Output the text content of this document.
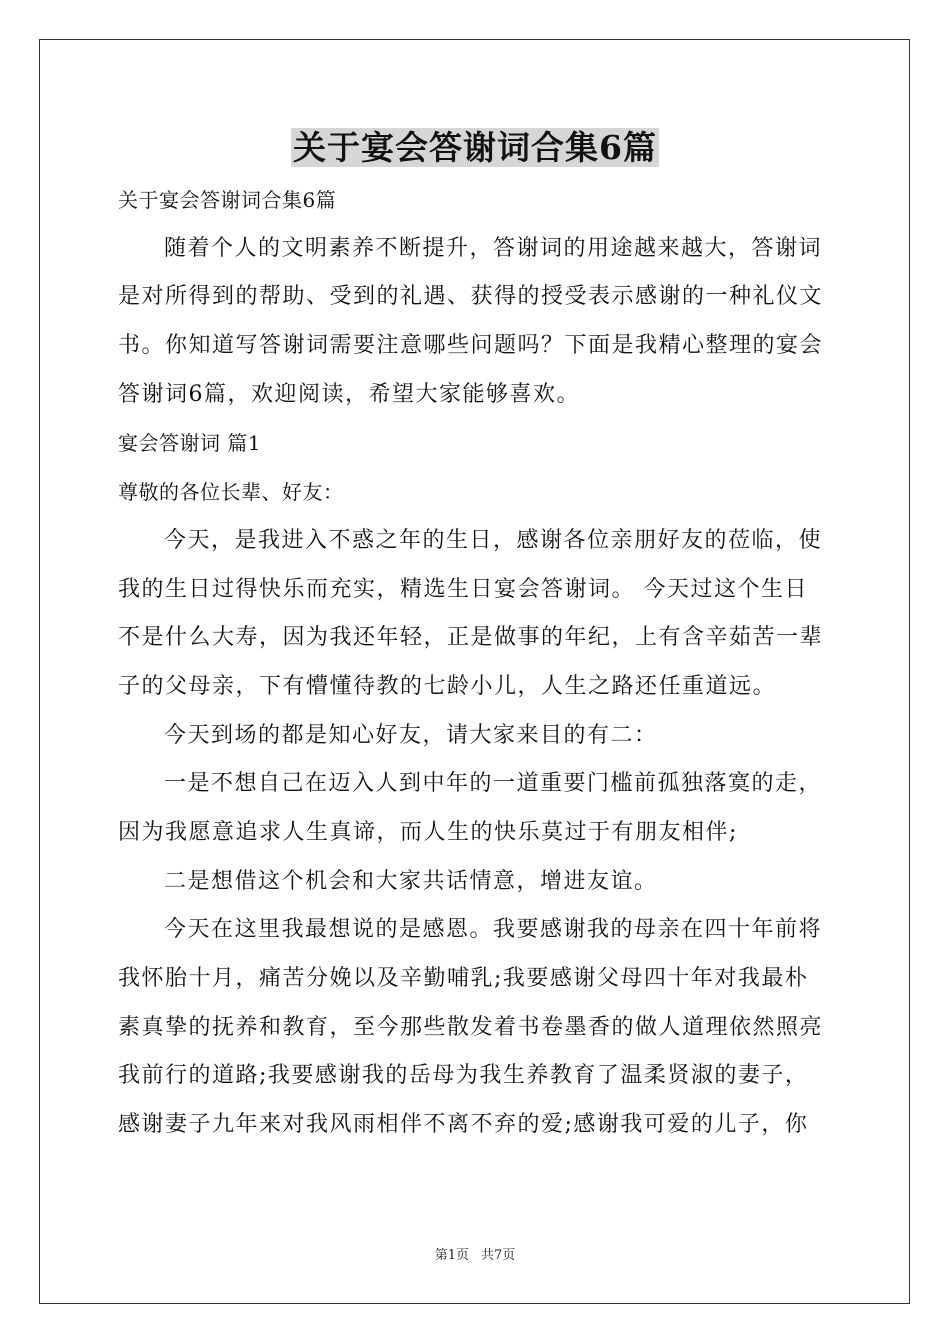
关于宴会答谢词合集6篇
关于宴会答谢词合集6篇
随着个人的文明素养不断提升，答谢词的用途越来越大，答谢词
是对所得到的帮助、受到的礼遇、获得的授受表示感谢的一种礼仪文
书。你知道写答谢词需要注意哪些问题吗？下面是我精心整理的宴会
答谢词6篇，欢迎阅读，希望大家能够喜欢。
宴会答谢词 篇1
尊敬的各位长辈、好友：
今天，是我进入不惑之年的生日，感谢各位亲朋好友的莅临，使
我的生日过得快乐而充实，精选生日宴会答谢词。 今天过这个生日
不是什么大寿，因为我还年轻，正是做事的年纪，上有含辛茹苦一辈
子的父母亲，下有懵懂待教的七龄小儿，人生之路还任重道远。
今天到场的都是知心好友，请大家来目的有二：
一是不想自己在迈入人到中年的一道重要门槛前孤独落寞的走，
因为我愿意追求人生真谛，而人生的快乐莫过于有朋友相伴;
二是想借这个机会和大家共话情意，增进友谊。
今天在这里我最想说的是感恩。我要感谢我的母亲在四十年前将
我怀胎十月，痛苦分娩以及辛勤哺乳;我要感谢父母四十年对我最朴
素真挚的抚养和教育，至今那些散发着书卷墨香的做人道理依然照亮
我前行的道路;我要感谢我的岳母为我生养教育了温柔贤淑的妻子，
感谢妻子九年来对我风雨相伴不离不弃的爱;感谢我可爱的儿子，你
第1页 共7页
